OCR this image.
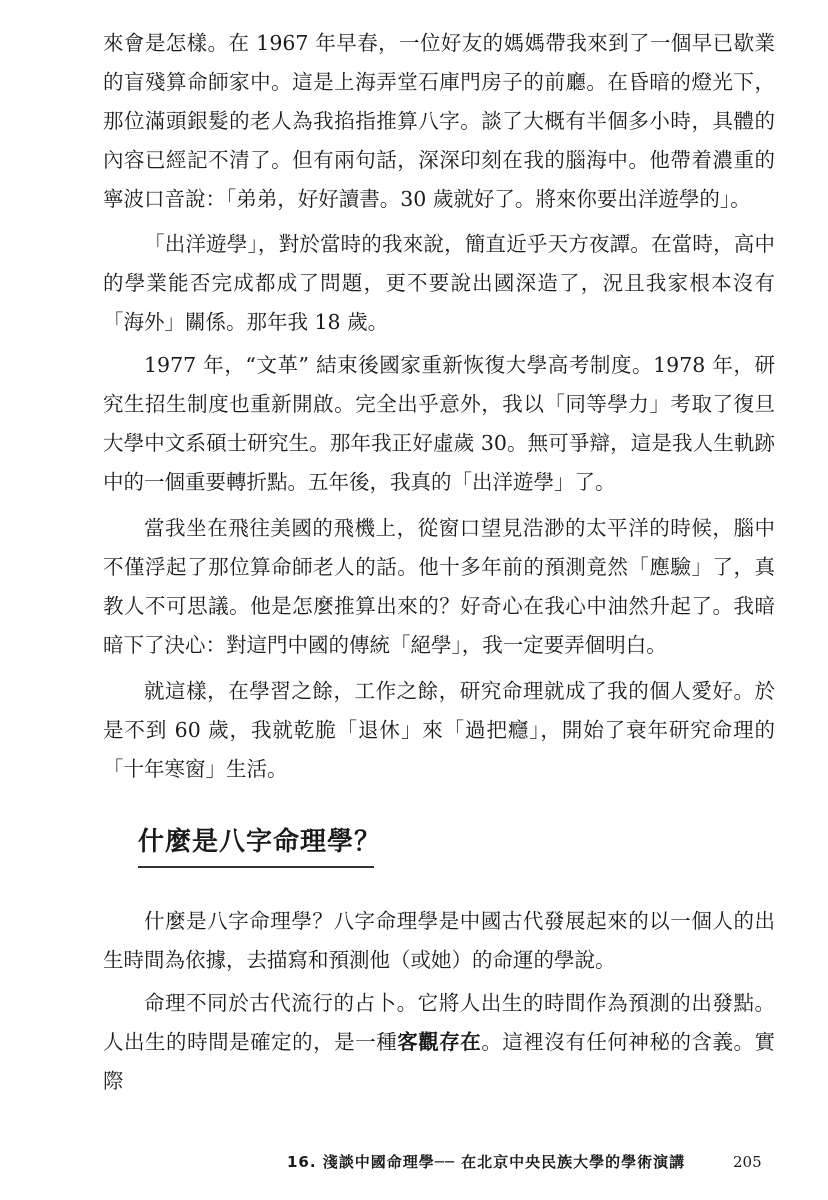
來會是怎樣。在 1967 年早春，一位好友的媽媽帶我來到了一個早已歇業的盲殘算命師家中。這是上海弄堂石庫門房子的前廳。在昏暗的燈光下，那位滿頭銀髮的老人為我掐指推算八字。談了大概有半個多小時，具體的內容已經記不清了。但有兩句話，深深印刻在我的腦海中。他帶着濃重的寧波口音說：「弟弟，好好讀書。30 歲就好了。將來你要出洋遊學的」。

「出洋遊學」，對於當時的我來說，簡直近乎天方夜譚。在當時，高中的學業能否完成都成了問題，更不要說出國深造了，況且我家根本沒有「海外」關係。那年我 18 歲。

1977 年，“文革” 結束後國家重新恢復大學高考制度。1978 年，研究生招生制度也重新開啟。完全出乎意外，我以「同等學力」考取了復旦大學中文系碩士研究生。那年我正好虛歲 30。無可爭辯，這是我人生軌跡中的一個重要轉折點。五年後，我真的「出洋遊學」了。

當我坐在飛往美國的飛機上，從窗口望見浩渺的太平洋的時候，腦中不僅浮起了那位算命師老人的話。他十多年前的預測竟然「應驗」了，真教人不可思議。他是怎麼推算出來的？好奇心在我心中油然升起了。我暗暗下了決心：對這門中國的傳統「絕學」，我一定要弄個明白。

就這樣，在學習之餘，工作之餘，研究命理就成了我的個人愛好。於是不到 60 歲，我就乾脆「退休」來「過把癮」，開始了衰年研究命理的「十年寒窗」生活。

什麼是八字命理學？

什麼是八字命理學？八字命理學是中國古代發展起來的以一個人的出生時間為依據，去描寫和預測他（或她）的命運的學說。

命理不同於古代流行的占卜。它將人出生的時間作為預測的出發點。人出生的時間是確定的，是一種客觀存在。這裡沒有任何神秘的含義。實際

16. 淺談中國命理學── 在北京中央民族大學的學術演講	205
